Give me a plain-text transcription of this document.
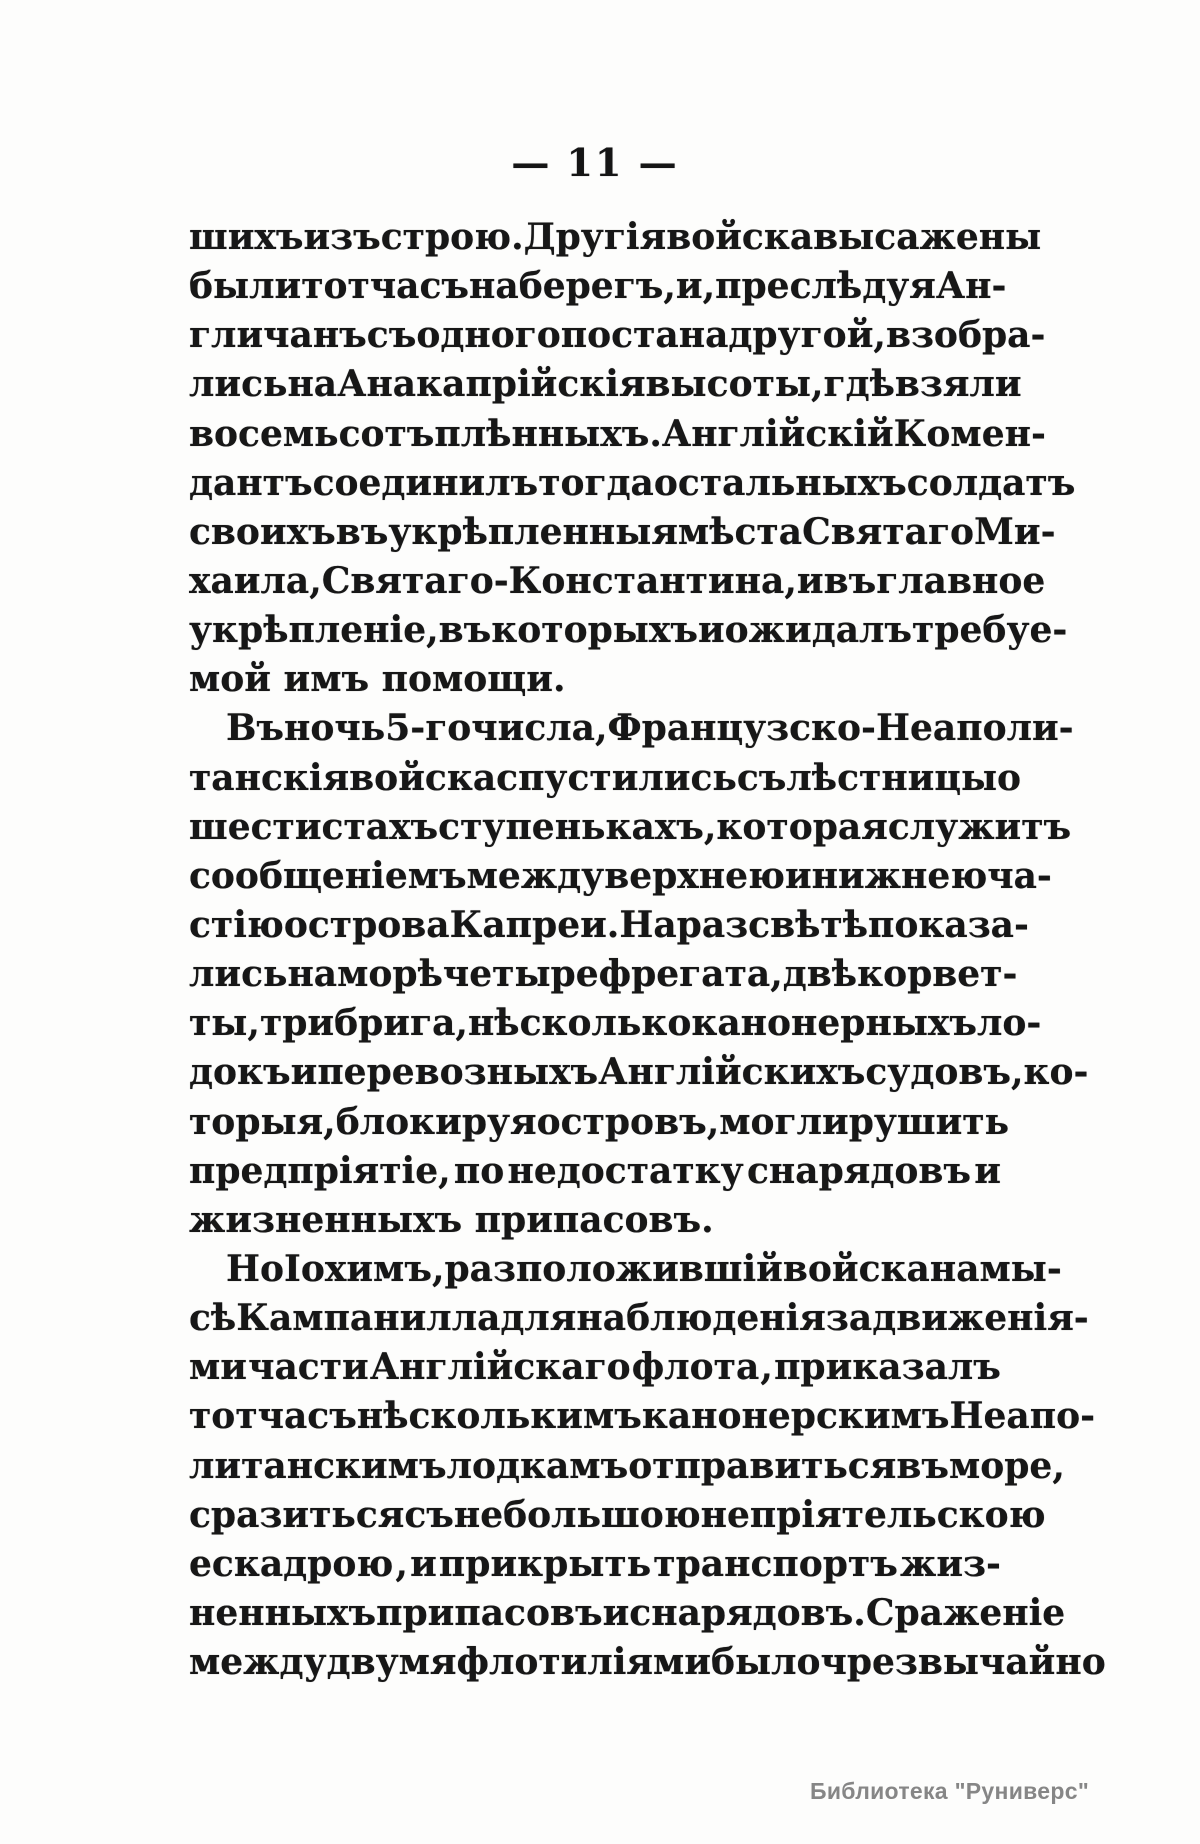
— 11 —
шихъ изъ строю. Другія войска высажены
были тотчасъ на берегъ, и, преслѣдуя Ан-
гличанъ съ одного поста на другой, взобра-
лись на Анакапрійскія высоты, гдѣ взяли
восемь сотъ плѣнныхъ. Англійскій Комен-
дантъ соединилъ тогда остальныхъ солдатъ
своихъ въ укрѣпленныя мѣста Святаго Ми-
хаила, Святаго-Константина , и въ главное
укрѣпленіе, въ которыхъ и ожидалъ требуе-
мой имъ помощи.
Въ ночь 5-го числа , Французско-Неаполи-
танскія войска спустились съ лѣстницы о
шести стахъ ступенькахъ, которая служитъ
сообщеніемъ между верхнею и нижнею ча-
стію острова Капреи. На разсвѣтѣ показа-
лись на морѣ четыре фрегата, двѣ корвет-
ты, три брига, нѣсколько канонерныхъ ло-
докъ и перевозныхъ Англійскихъ судовъ, ко-
торыя, блокируя островъ , могли рушить
предпріятіе, по недостатку снарядовъ и
жизненныхъ припасовъ.
Но Іохимъ , разположившій войска на мы-
сѣ Кампанилла для наблюденія за движенія-
ми части Англійскаго флота , приказалъ
тотчасъ нѣсколькимъ канонерскимъ Неапо-
литанскимъ лодкамъ отправиться въ море,
сразиться съ небольшою непріятельскою
ескадрою , и прикрыть транспортъ жиз-
ненныхъ припасовъ и снарядовъ. Сраженіе
между двумя флотиліями было чрезвычайно
Библиотека "Руниверс"
